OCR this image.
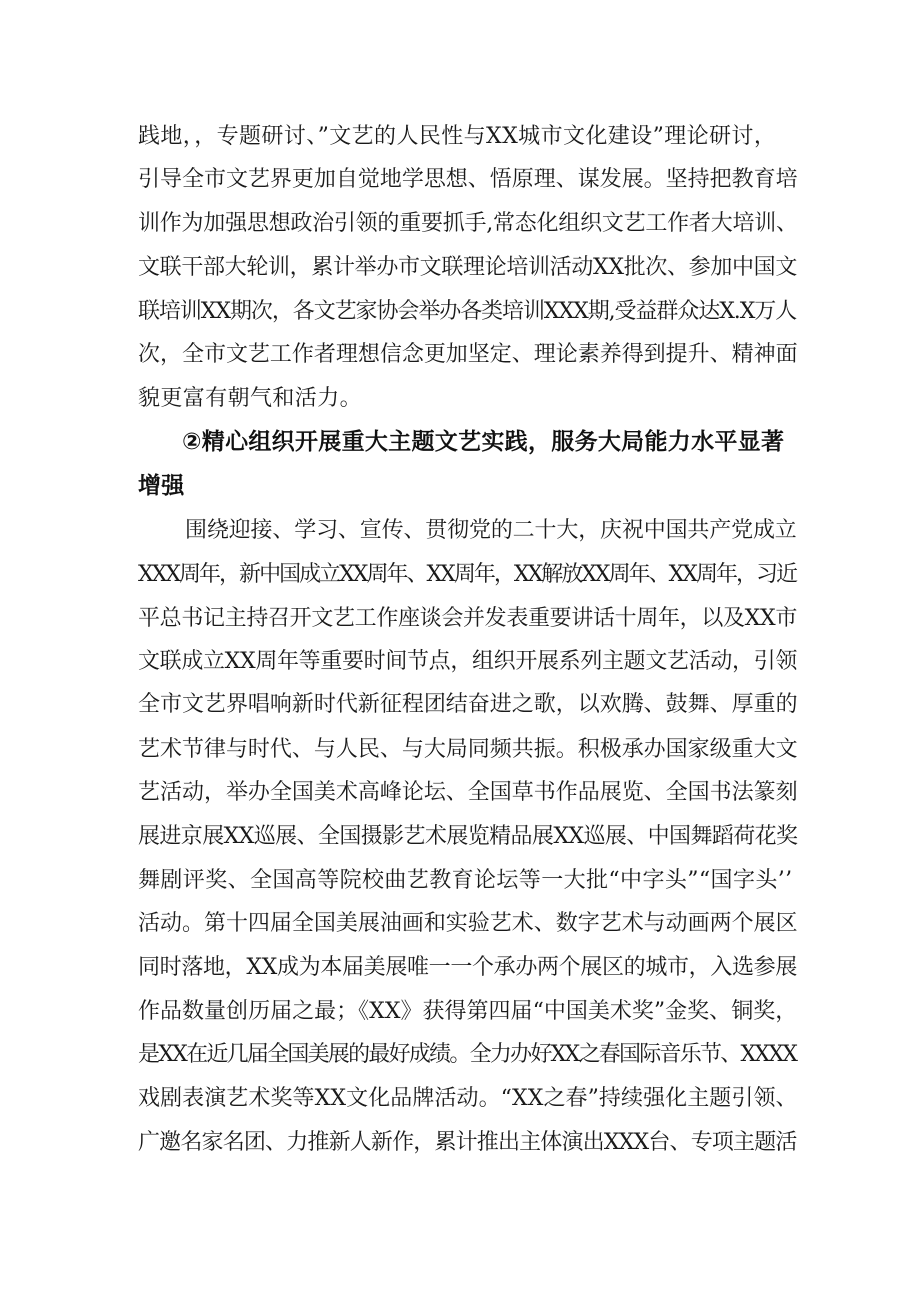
践地，，专题研讨、”文艺的人民性与XX城市文化建设”理论研讨，
引导全市文艺界更加自觉地学思想、悟原理、谋发展。坚持把教育培
训作为加强思想政治引领的重要抓手,常态化组织文艺工作者大培训、
文联干部大轮训，累计举办市文联理论培训活动XX批次、参加中国文
联培训XX期次，各文艺家协会举办各类培训XXX期,受益群众达X.X万人
次，全市文艺工作者理想信念更加坚定、理论素养得到提升、精神面
貌更富有朝气和活力。
②精心组织开展重大主题文艺实践，服务大局能力水平显著
增强
围绕迎接、学习、宣传、贯彻党的二十大，庆祝中国共产党成立
XXX周年，新中国成立XX周年、XX周年，XX解放XX周年、XX周年，习近
平总书记主持召开文艺工作座谈会并发表重要讲话十周年，以及XX市
文联成立XX周年等重要时间节点，组织开展系列主题文艺活动，引领
全市文艺界唱响新时代新征程团结奋进之歌，以欢腾、鼓舞、厚重的
艺术节律与时代、与人民、与大局同频共振。积极承办国家级重大文
艺活动，举办全国美术高峰论坛、全国草书作品展览、全国书法篆刻
展进京展XX巡展、全国摄影艺术展览精品展XX巡展、中国舞蹈荷花奖
舞剧评奖、全国高等院校曲艺教育论坛等一大批“中字头”“国字头’’
活动。第十四届全国美展油画和实验艺术、数字艺术与动画两个展区
同时落地，XX成为本届美展唯一一个承办两个展区的城市，入选参展
作品数量创历届之最；《XX》获得第四届“中国美术奖”金奖、铜奖，
是XX在近几届全国美展的最好成绩。全力办好XX之春国际音乐节、XXXX
戏剧表演艺术奖等XX文化品牌活动。“XX之春”持续强化主题引领、
广邀名家名团、力推新人新作，累计推出主体演出XXX台、专项主题活
